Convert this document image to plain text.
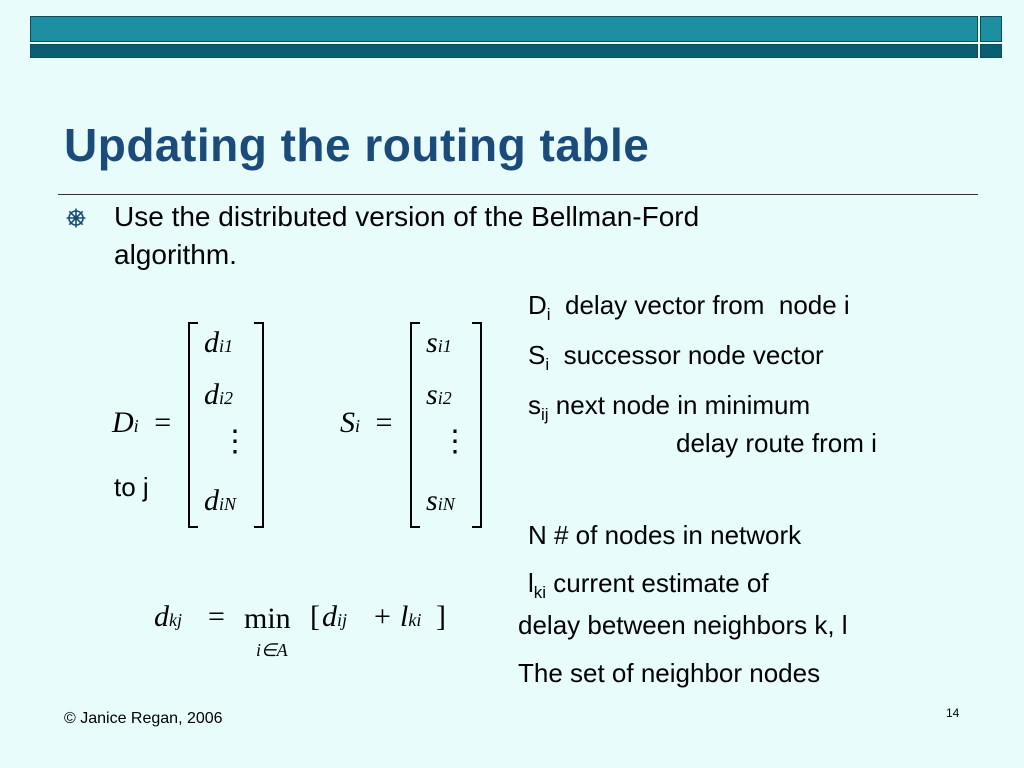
Updating the routing table
Use the distributed version of the Bellman-Ford
algorithm.
Di =
di1
di2
⋮
diN
Si =
si1
si2
⋮
siN
to j
$D_i$  delay vector from  node i
$S_i$  successor node vector
$s_{ij}$ next node in minimum
delay route from i
N # of nodes in network
$l_{ki}$ current estimate of
delay between neighbors k, l
The set of neighbor nodes
dkj = min
i∈A
[ dij + lki ]
© Janice Regan, 2006	14
